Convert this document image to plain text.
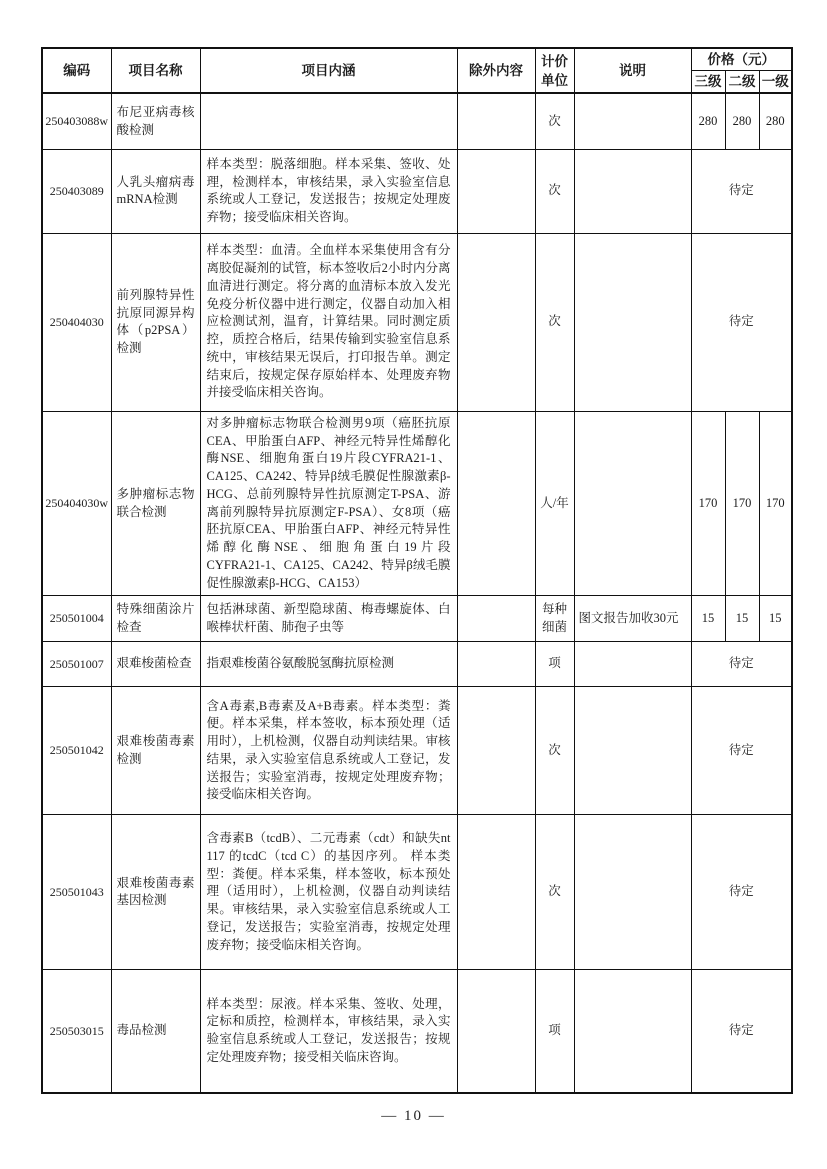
编码	项目名称	项目内涵	除外内容	计价单位	说明	价格（元）		
						三级	二级	一级
250403088w	布尼亚病毒核酸检测			次		280	280	280
250403089	人乳头瘤病毒mRNA检测	样本类型：脱落细胞。样本采集、签收、处理，检测样本，审核结果，录入实验室信息系统或人工登记，发送报告；按规定处理废弃物；接受临床相关咨询。		次		待定		
250404030	前列腺特异性抗原同源异构体（p2PSA）检测	样本类型：血清。全血样本采集使用含有分离胶促凝剂的试管，标本签收后2小时内分离血清进行测定。将分离的血清标本放入发光免疫分析仪器中进行测定，仪器自动加入相应检测试剂，温育，计算结果。同时测定质控，质控合格后，结果传输到实验室信息系统中，审核结果无误后，打印报告单。测定结束后，按规定保存原始样本、处理废弃物并接受临床相关咨询。		次		待定		
250404030w	多肿瘤标志物联合检测	对多肿瘤标志物联合检测男9项（癌胚抗原CEA、甲胎蛋白AFP、神经元特异性烯醇化酶NSE、细胞角蛋白19片段CYFRA21-1、CA125、CA242、特异β绒毛膜促性腺激素β-HCG、总前列腺特异性抗原测定T-PSA、游离前列腺特异抗原测定F-PSA）、女8项（癌胚抗原CEA、甲胎蛋白AFP、神经元特异性烯醇化酶NSE、细胞角蛋白19片段CYFRA21-1、CA125、CA242、特异β绒毛膜促性腺激素β-HCG、CA153）		人/年		170	170	170
250501004	特殊细菌涂片检查	包括淋球菌、新型隐球菌、梅毒螺旋体、白喉棒状杆菌、肺孢子虫等		每种细菌	图文报告加收30元	15	15	15
250501007	艰难梭菌检查	指艰难梭菌谷氨酸脱氢酶抗原检测		项		待定		
250501042	艰难梭菌毒素检测	含A毒素,B毒素及A+B毒素。样本类型：粪便。样本采集，样本签收，标本预处理（适用时），上机检测，仪器自动判读结果。审核结果，录入实验室信息系统或人工登记，发送报告；实验室消毒，按规定处理废弃物；接受临床相关咨询。		次		待定		
250501043	艰难梭菌毒素基因检测	含毒素B（tcdB）、二元毒素（cdt）和缺失nt 117 的tcdC（tcd C）的基因序列。 样本类型：粪便。样本采集，样本签收，标本预处理（适用时），上机检测，仪器自动判读结果。审核结果，录入实验室信息系统或人工登记，发送报告；实验室消毒，按规定处理废弃物；接受临床相关咨询。		次		待定		
250503015	毒品检测	样本类型：尿液。样本采集、签收、处理，定标和质控，检测样本，审核结果，录入实验室信息系统或人工登记，发送报告；按规定处理废弃物；接受相关临床咨询。		项		待定		
— 10 —
